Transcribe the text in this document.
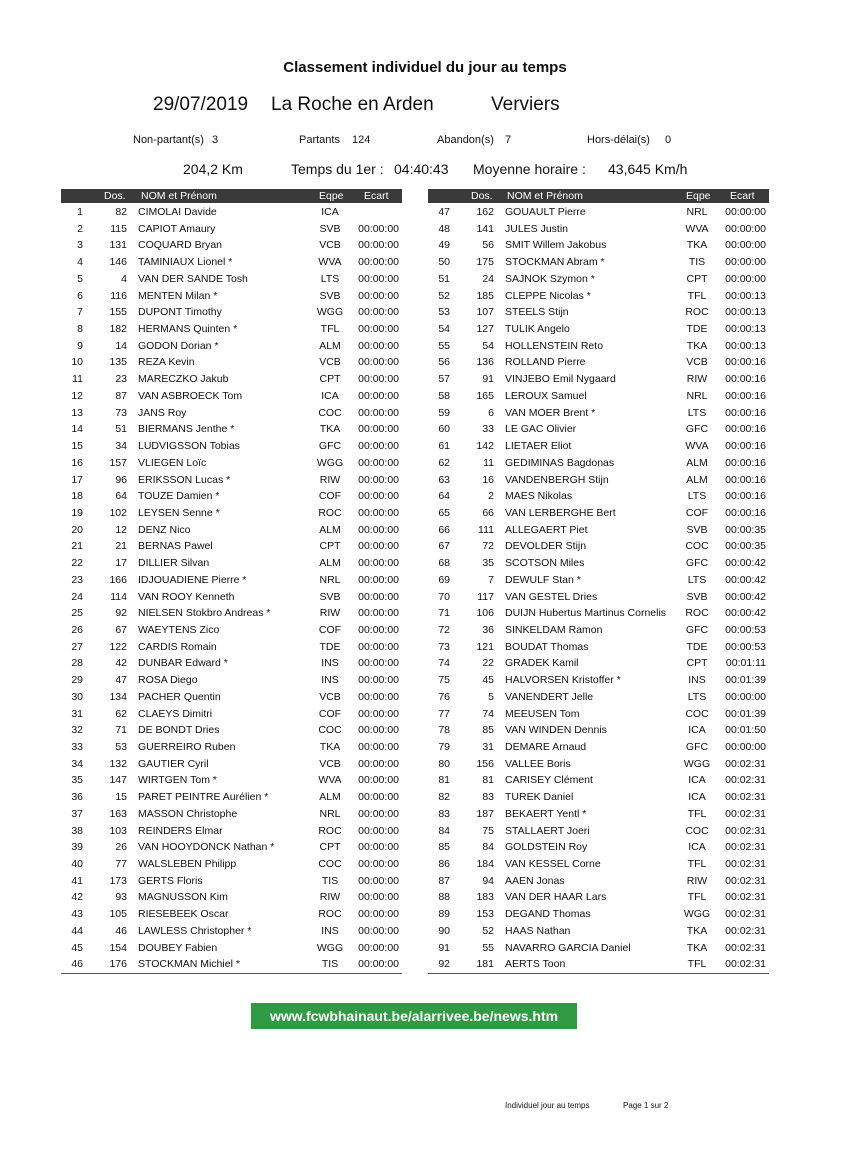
Classement individuel du jour au temps
29/07/2019 La Roche en Arden	Verviers
Non-partant(s) 3	Partants 124	Abandon(s) 7	Hors-délai(s) 0
204,2 Km	Temps du 1er : 04:40:43 Moyenne horaire : 43,645 Km/h
Dos. NOM et Prénom	Eqpe Ecart
1	82 CIMOLAI Davide	ICA
2	115 CAPIOT Amaury	SVB	00:00:00
3	131 COQUARD Bryan	VCB	00:00:00
4	146 TAMINIAUX Lionel *	WVA	00:00:00
5	4 VAN DER SANDE Tosh	LTS	00:00:00
6	116 MENTEN Milan *	SVB	00:00:00
7	155 DUPONT Timothy	WGG	00:00:00
8	182 HERMANS Quinten *	TFL	00:00:00
9	14 GODON Dorian *	ALM	00:00:00
10	135 REZA Kevin	VCB	00:00:00
11	23 MARECZKO Jakub	CPT	00:00:00
12	87 VAN ASBROECK Tom	ICA	00:00:00
13	73 JANS Roy	COC	00:00:00
14	51 BIERMANS Jenthe *	TKA	00:00:00
15	34 LUDVIGSSON Tobias	GFC	00:00:00
16	157 VLIEGEN Loïc	WGG	00:00:00
17	96 ERIKSSON Lucas *	RIW	00:00:00
18	64 TOUZE Damien *	COF	00:00:00
19	102 LEYSEN Senne *	ROC	00:00:00
20	12 DENZ Nico	ALM	00:00:00
21	21 BERNAS Pawel	CPT	00:00:00
22	17 DILLIER Silvan	ALM	00:00:00
23	166 IDJOUADIENE Pierre *	NRL	00:00:00
24	114 VAN ROOY Kenneth	SVB	00:00:00
25	92 NIELSEN Stokbro Andreas *	RIW	00:00:00
26	67 WAEYTENS Zico	COF	00:00:00
27	122 CARDIS Romain	TDE	00:00:00
28	42 DUNBAR Edward *	INS	00:00:00
29	47 ROSA Diego	INS	00:00:00
30	134 PACHER Quentin	VCB	00:00:00
31	62 CLAEYS Dimitri	COF	00:00:00
32	71 DE BONDT Dries	COC	00:00:00
33	53 GUERREIRO Ruben	TKA	00:00:00
34	132 GAUTIER Cyril	VCB	00:00:00
35	147 WIRTGEN Tom *	WVA	00:00:00
36	15 PARET PEINTRE Aurélien *	ALM	00:00:00
37	163 MASSON Christophe	NRL	00:00:00
38	103 REINDERS Elmar	ROC	00:00:00
39	26 VAN HOOYDONCK Nathan *	CPT	00:00:00
40	77 WALSLEBEN Philipp	COC	00:00:00
41	173 GERTS Floris	TIS	00:00:00
42	93 MAGNUSSON Kim	RIW	00:00:00
43	105 RIESEBEEK Oscar	ROC	00:00:00
44	46 LAWLESS Christopher *	INS	00:00:00
45	154 DOUBEY Fabien	WGG	00:00:00
46	176 STOCKMAN Michiel *	TIS	00:00:00
Dos. NOM et Prénom	Eqpe Ecart
47	162 GOUAULT Pierre	NRL	00:00:00
48	141 JULES Justin	WVA	00:00:00
49	56 SMIT Willem Jakobus	TKA	00:00:00
50	175 STOCKMAN Abram *	TIS	00:00:00
51	24 SAJNOK Szymon *	CPT	00:00:00
52	185 CLEPPE Nicolas *	TFL	00:00:13
53	107 STEELS Stijn	ROC	00:00:13
54	127 TULIK Angelo	TDE	00:00:13
55	54 HOLLENSTEIN Reto	TKA	00:00:13
56	136 ROLLAND Pierre	VCB	00:00:16
57	91 VINJEBO Emil Nygaard	RIW	00:00:16
58	165 LEROUX Samuel	NRL	00:00:16
59	6 VAN MOER Brent *	LTS	00:00:16
60	33 LE GAC Olivier	GFC	00:00:16
61	142 LIETAER Eliot	WVA	00:00:16
62	11 GEDIMINAS Bagdonas	ALM	00:00:16
63	16 VANDENBERGH Stijn	ALM	00:00:16
64	2 MAES Nikolas	LTS	00:00:16
65	66 VAN LERBERGHE Bert	COF	00:00:16
66	111 ALLEGAERT Piet	SVB	00:00:35
67	72 DEVOLDER Stijn	COC	00:00:35
68	35 SCOTSON Miles	GFC	00:00:42
69	7 DEWULF Stan *	LTS	00:00:42
70	117 VAN GESTEL Dries	SVB	00:00:42
71	106 DUIJN Hubertus Martinus Cornelis	ROC	00:00:42
72	36 SINKELDAM Ramon	GFC	00:00:53
73	121 BOUDAT Thomas	TDE	00:00:53
74	22 GRADEK Kamil	CPT	00:01:11
75	45 HALVORSEN Kristoffer *	INS	00:01:39
76	5 VANENDERT Jelle	LTS	00:00:00
77	74 MEEUSEN Tom	COC	00:01:39
78	85 VAN WINDEN Dennis	ICA	00:01:50
79	31 DEMARE Arnaud	GFC	00:00:00
80	156 VALLEE Boris	WGG	00:02:31
81	81 CARISEY Clément	ICA	00:02:31
82	83 TUREK Daniel	ICA	00:02:31
83	187 BEKAERT Yentl *	TFL	00:02:31
84	75 STALLAERT Joeri	COC	00:02:31
85	84 GOLDSTEIN Roy	ICA	00:02:31
86	184 VAN KESSEL Corne	TFL	00:02:31
87	94 AAEN Jonas	RIW	00:02:31
88	183 VAN DER HAAR Lars	TFL	00:02:31
89	153 DEGAND Thomas	WGG	00:02:31
90	52 HAAS Nathan	TKA	00:02:31
91	55 NAVARRO GARCIA Daniel	TKA	00:02:31
92	181 AERTS Toon	TFL	00:02:31
www.fcwbhainaut.be/alarrivee.be/news.htm
Individuel jour au temps	Page 1 sur 2
